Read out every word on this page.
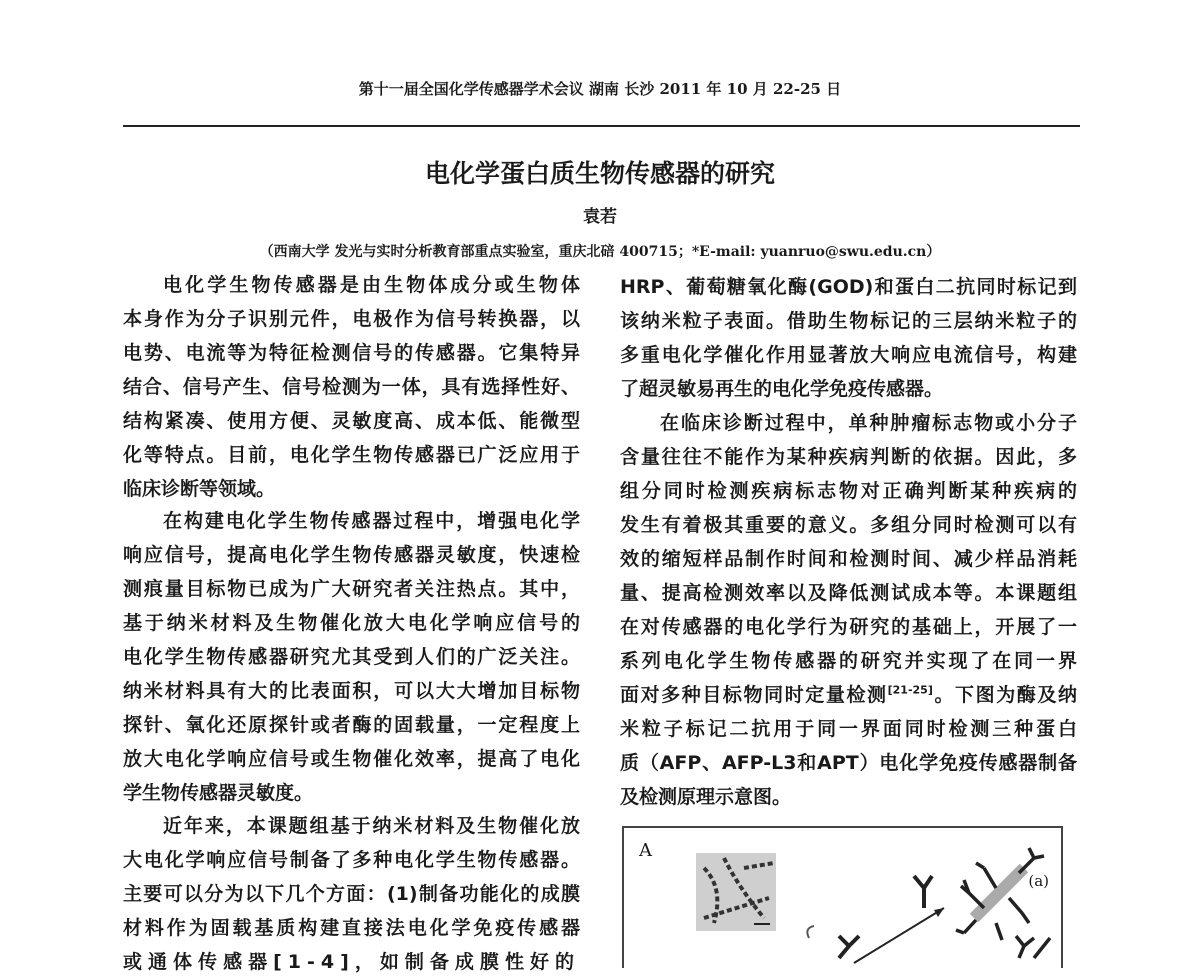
第十一届全国化学传感器学术会议 湖南 长沙 2011 年 10 月 22-25 日
电化学蛋白质生物传感器的研究
袁若
（西南大学 发光与实时分析教育部重点实验室，重庆北碚 400715；*E-mail: yuanruo@swu.edu.cn）
电化学生物传感器是由生物体成分或生物体
本身作为分子识别元件，电极作为信号转换器，以
电势、电流等为特征检测信号的传感器。它集特异
结合、信号产生、信号检测为一体，具有选择性好、
结构紧凑、使用方便、灵敏度高、成本低、能微型
化等特点。目前，电化学生物传感器已广泛应用于
临床诊断等领域。
在构建电化学生物传感器过程中，增强电化学
响应信号，提高电化学生物传感器灵敏度，快速检
测痕量目标物已成为广大研究者关注热点。其中，
基于纳米材料及生物催化放大电化学响应信号的
电化学生物传感器研究尤其受到人们的广泛关注。
纳米材料具有大的比表面积，可以大大增加目标物
探针、氧化还原探针或者酶的固载量，一定程度上
放大电化学响应信号或生物催化效率，提高了电化
学生物传感器灵敏度。
近年来，本课题组基于纳米材料及生物催化放
大电化学响应信号制备了多种电化学生物传感器。
主要可以分为以下几个方面：(1)制备功能化的成膜
材料作为固载基质构建直接法电化学免疫传感器
或通体传感器[1-4]，如制备成膜性好的
HRP、葡萄糖氧化酶(GOD)和蛋白二抗同时标记到
该纳米粒子表面。借助生物标记的三层纳米粒子的
多重电化学催化作用显著放大响应电流信号，构建
了超灵敏易再生的电化学免疫传感器。
在临床诊断过程中，单种肿瘤标志物或小分子
含量往往不能作为某种疾病判断的依据。因此，多
组分同时检测疾病标志物对正确判断某种疾病的
发生有着极其重要的意义。多组分同时检测可以有
效的缩短样品制作时间和检测时间、减少样品消耗
量、提高检测效率以及降低测试成本等。本课题组
在对传感器的电化学行为研究的基础上，开展了一
系列电化学生物传感器的研究并实现了在同一界
面对多种目标物同时定量检测[21-25]。下图为酶及纳
米粒子标记二抗用于同一界面同时检测三种蛋白
质（AFP、AFP-L3和APT）电化学免疫传感器制备
及检测原理示意图。
A
(a)
